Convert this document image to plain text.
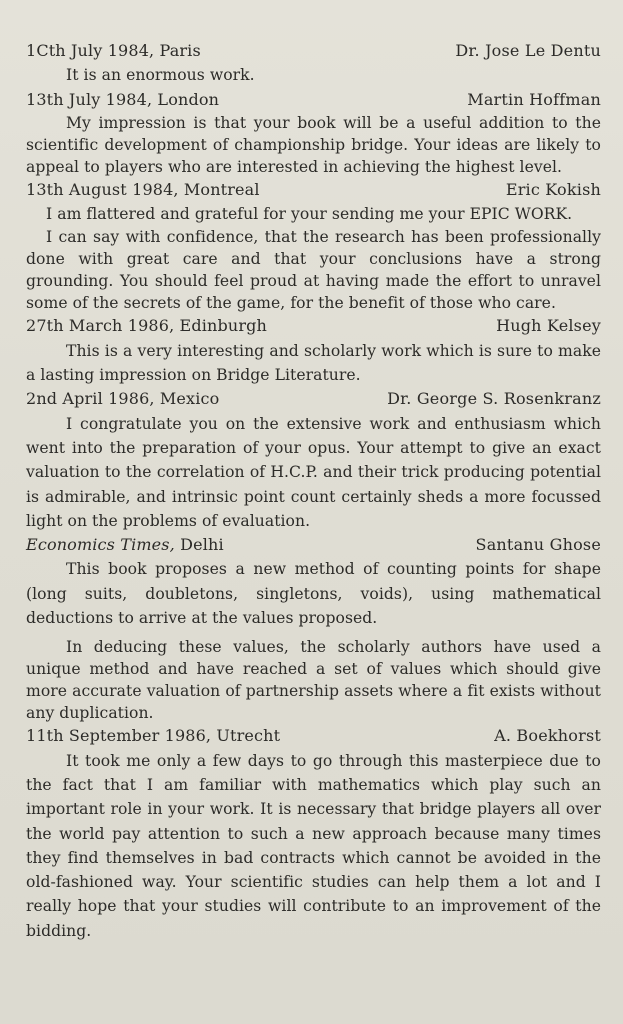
1Cth July 1984, Paris	Dr. Jose Le Dentu

It is an enormous work.

13th July 1984, London	Martin Hoffman

My impression is that your book will be a useful addition to the scientific development of championship bridge. Your ideas are likely to appeal to players who are interested in achieving the highest level.

13th August 1984, Montreal	Eric Kokish

I am flattered and grateful for your sending me your EPIC WORK.

I can say with confidence, that the research has been professionally done with great care and that your conclusions have a strong grounding. You should feel proud at having made the effort to unravel some of the secrets of the game, for the benefit of those who care.

27th March 1986, Edinburgh	Hugh Kelsey

This is a very interesting and scholarly work which is sure to make a lasting impression on Bridge Literature.

2nd April 1986, Mexico	Dr. George S. Rosenkranz

I congratulate you on the extensive work and enthusiasm which went into the preparation of your opus. Your attempt to give an exact valuation to the correlation of H.C.P. and their trick producing potential is admirable, and intrinsic point count certainly sheds a more focussed light on the problems of evaluation.

Economics Times, Delhi	Santanu Ghose

This book proposes a new method of counting points for shape (long suits, doubletons, singletons, voids), using mathematical deductions to arrive at the values proposed.

In deducing these values, the scholarly authors have used a unique method and have reached a set of values which should give more accurate valuation of partnership assets where a fit exists without any duplication.

11th September 1986, Utrecht	A. Boekhorst

It took me only a few days to go through this masterpiece due to the fact that I am familiar with mathematics which play such an important role in your work. It is necessary that bridge players all over the world pay attention to such a new approach because many times they find themselves in bad contracts which cannot be avoided in the old-fashioned way. Your scientific studies can help them a lot and I really hope that your studies will contribute to an improvement of the bidding.
